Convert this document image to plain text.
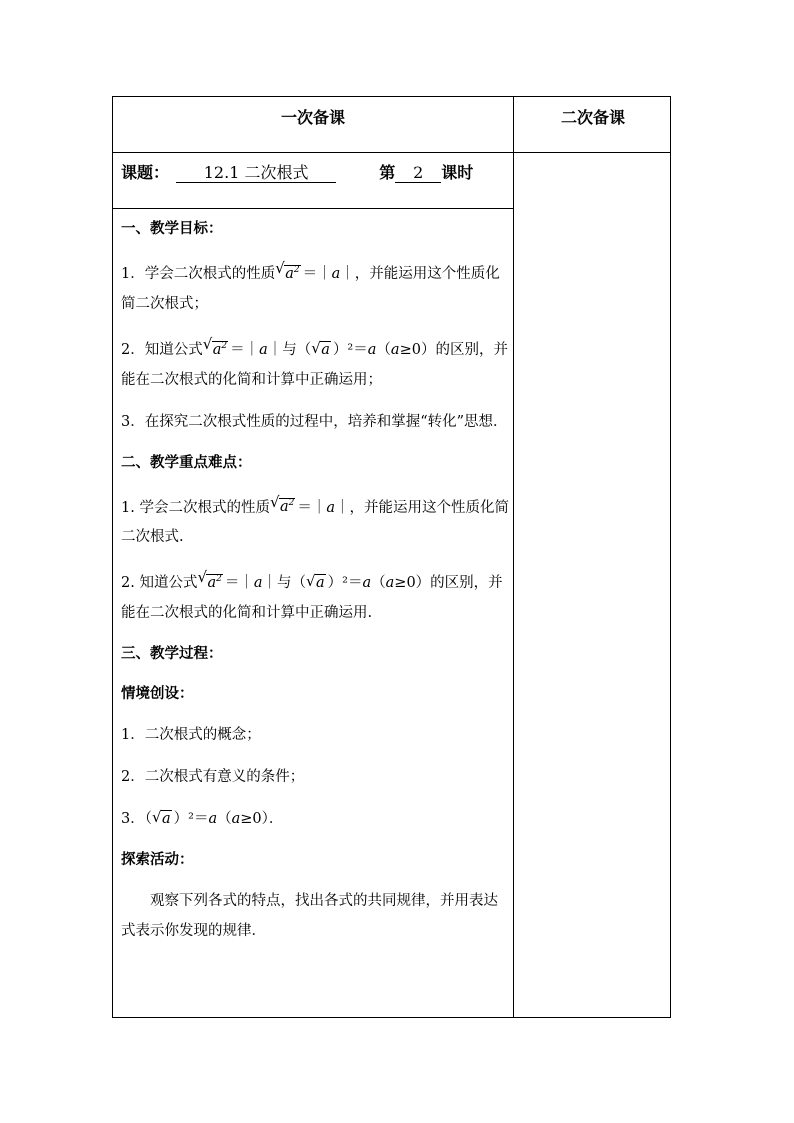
一次备课	二次备课
课题： 12.1 二次根式	第 2 课时
一、教学目标：
1．学会二次根式的性质 √ $a^2$ ＝｜a｜，并能运用这个性质化简二次根式；
2．知道公式 √ $a^2$ ＝｜a｜与（ √ a ）²＝a（a≥0）的区别，并能在二次根式的化简和计算中正确运用；
3．在探究二次根式性质的过程中，培养和掌握“转化”思想．
二、教学重点难点：
1. 学会二次根式的性质 √ $a^2$ ＝｜a｜，并能运用这个性质化简二次根式.
2. 知道公式 √ $a^2$ ＝｜a｜与（ √ a ）²＝a（a≥0）的区别，并能在二次根式的化简和计算中正确运用.
三、教学过程：
情境创设：
1．二次根式的概念；
2．二次根式有意义的条件；
3．（ √ a ）²＝a（a≥0）．
探索活动：
观察下列各式的特点，找出各式的共同规律，并用表达式表示你发现的规律．
